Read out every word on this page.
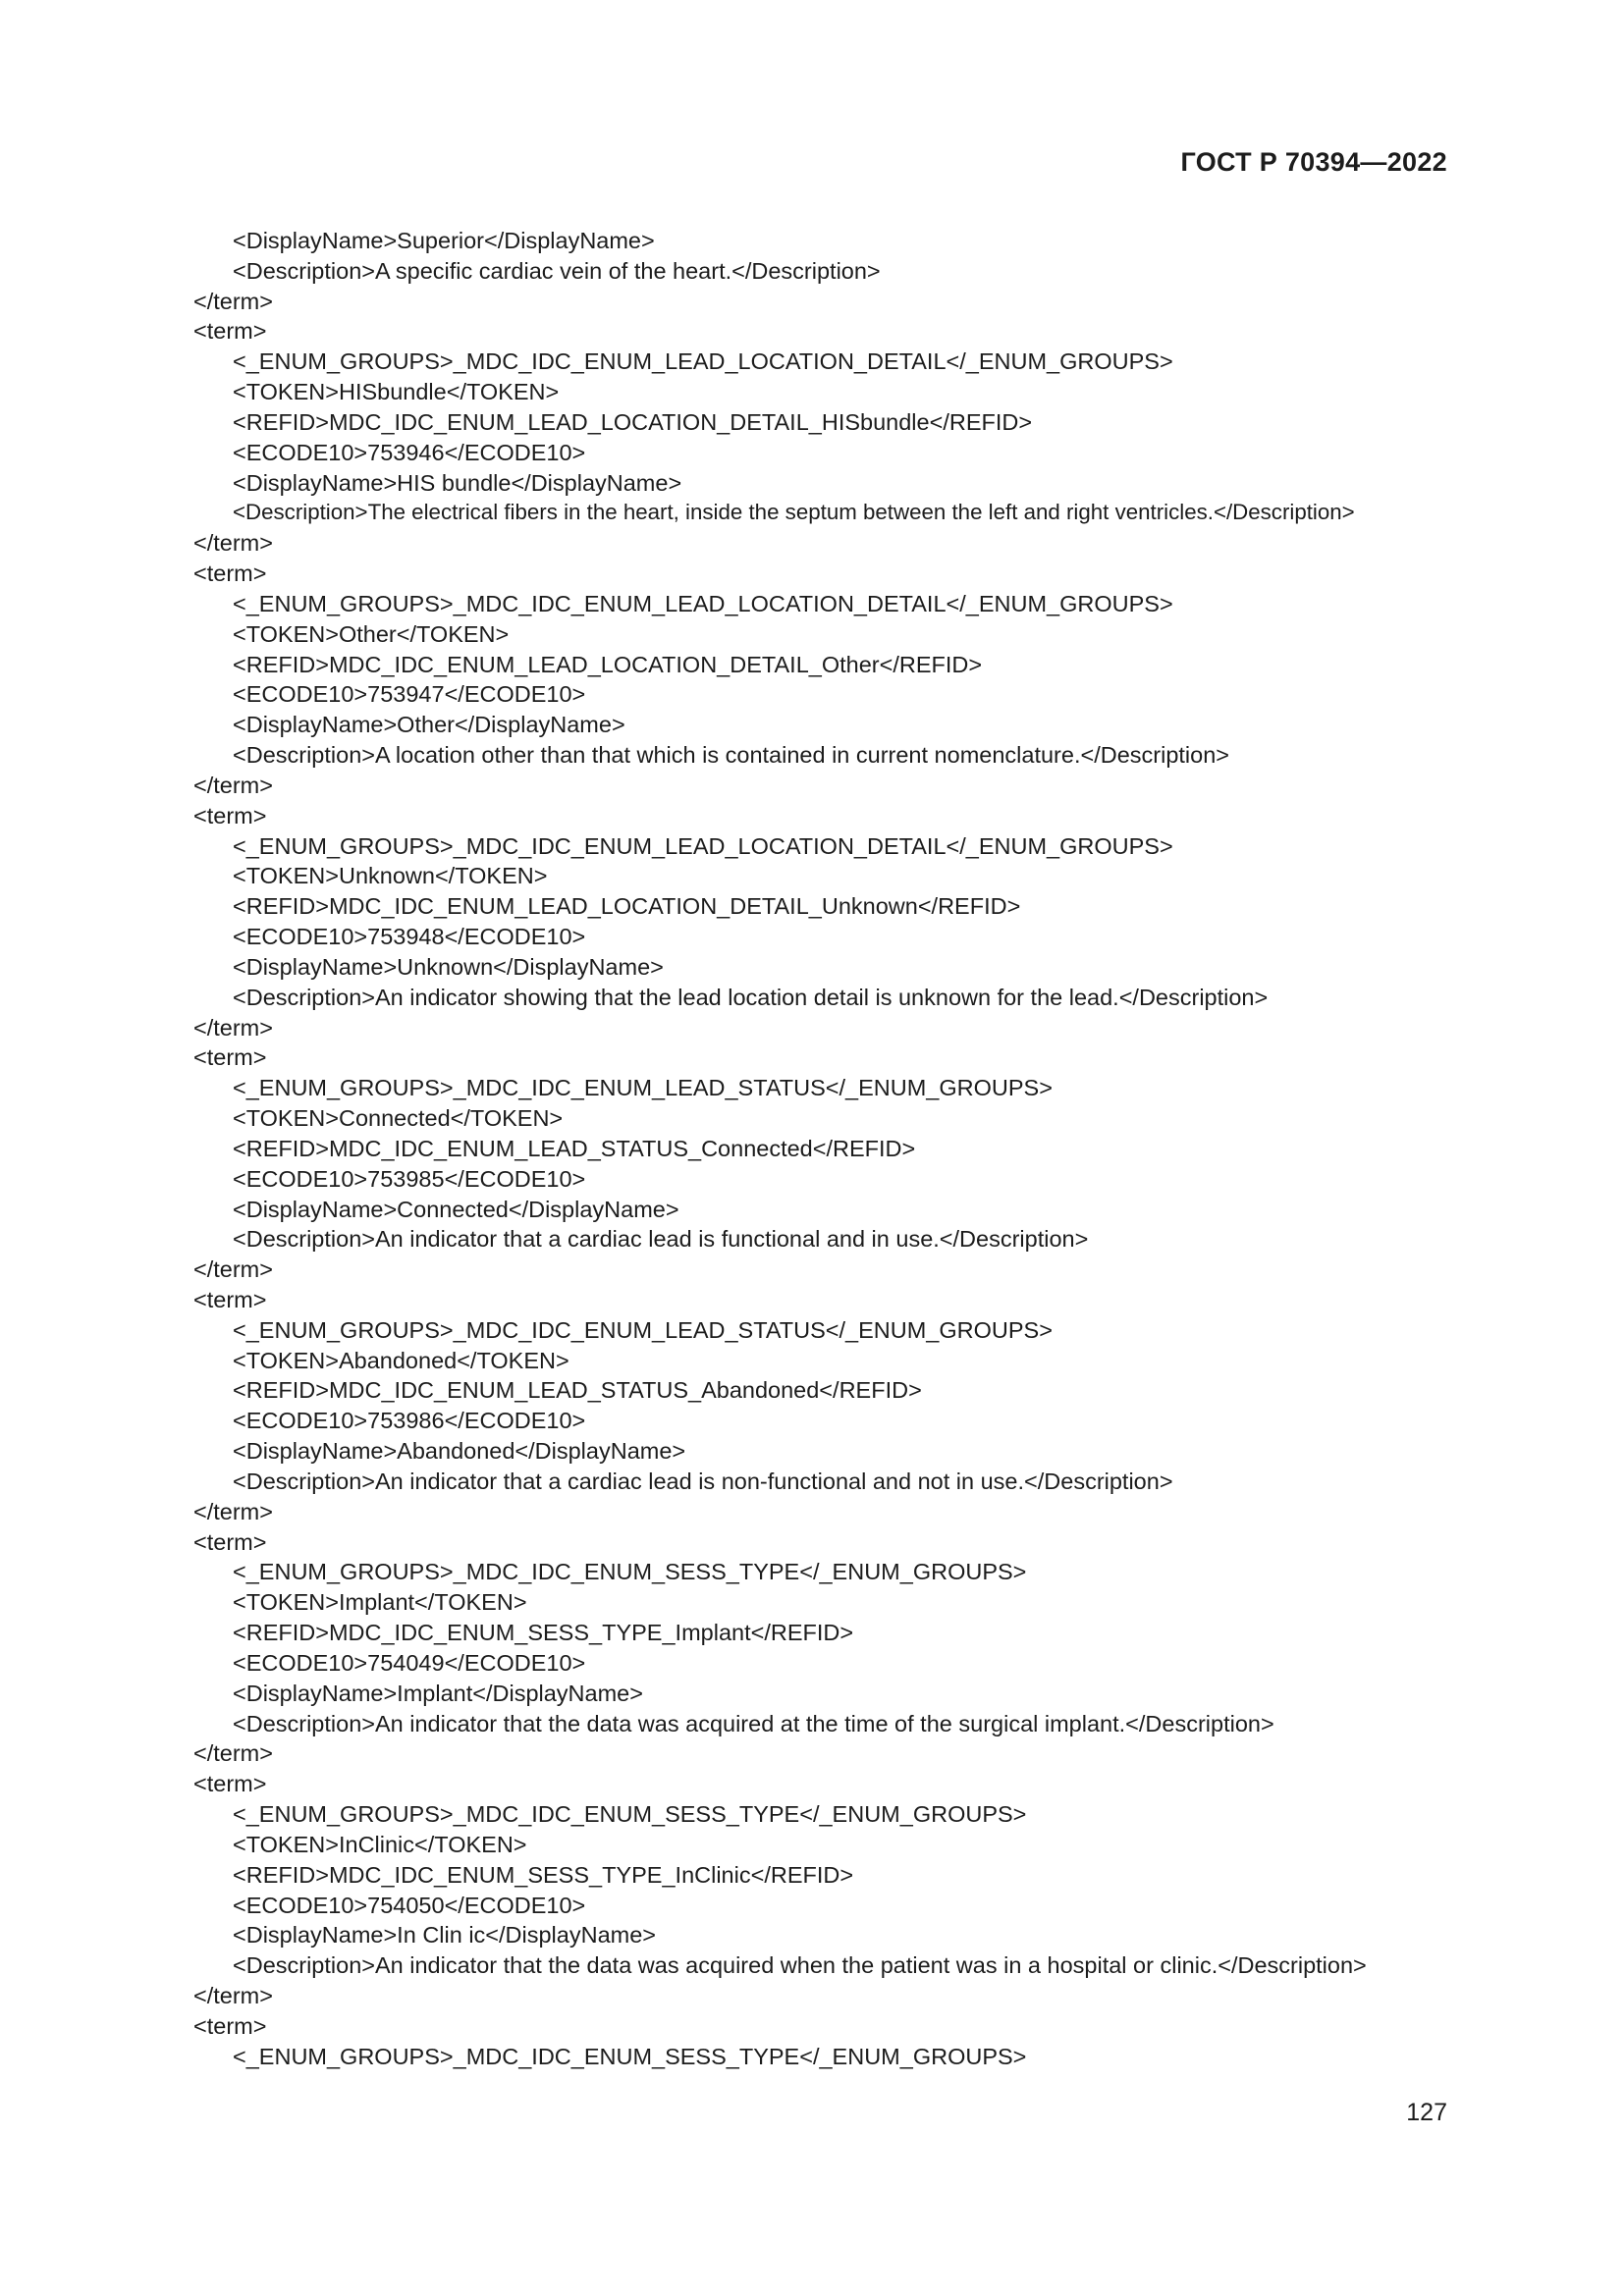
ГОСТ Р 70394—2022
<DisplayName>Superior</DisplayName>
<Description>A specific cardiac vein of the heart.</Description>
</term>
<term>
<_ENUM_GROUPS>_MDC_IDC_ENUM_LEAD_LOCATION_DETAIL</_ENUM_GROUPS>
<TOKEN>HISbundle</TOKEN>
<REFID>MDC_IDC_ENUM_LEAD_LOCATION_DETAIL_HISbundle</REFID>
<ECODE10>753946</ECODE10>
<DisplayName>HIS bundle</DisplayName>
<Description>The electrical fibers in the heart, inside the septum between the left and right ventricles.</Description>
</term>
<term>
<_ENUM_GROUPS>_MDC_IDC_ENUM_LEAD_LOCATION_DETAIL</_ENUM_GROUPS>
<TOKEN>Other</TOKEN>
<REFID>MDC_IDC_ENUM_LEAD_LOCATION_DETAIL_Other</REFID>
<ECODE10>753947</ECODE10>
<DisplayName>Other</DisplayName>
<Description>A location other than that which is contained in current nomenclature.</Description>
</term>
<term>
<_ENUM_GROUPS>_MDC_IDC_ENUM_LEAD_LOCATION_DETAIL</_ENUM_GROUPS>
<TOKEN>Unknown</TOKEN>
<REFID>MDC_IDC_ENUM_LEAD_LOCATION_DETAIL_Unknown</REFID>
<ECODE10>753948</ECODE10>
<DisplayName>Unknown</DisplayName>
<Description>An indicator showing that the lead location detail is unknown for the lead.</Description>
</term>
<term>
<_ENUM_GROUPS>_MDC_IDC_ENUM_LEAD_STATUS</_ENUM_GROUPS>
<TOKEN>Connected</TOKEN>
<REFID>MDC_IDC_ENUM_LEAD_STATUS_Connected</REFID>
<ECODE10>753985</ECODE10>
<DisplayName>Connected</DisplayName>
<Description>An indicator that a cardiac lead is functional and in use.</Description>
</term>
<term>
<_ENUM_GROUPS>_MDC_IDC_ENUM_LEAD_STATUS</_ENUM_GROUPS>
<TOKEN>Abandoned</TOKEN>
<REFID>MDC_IDC_ENUM_LEAD_STATUS_Abandoned</REFID>
<ECODE10>753986</ECODE10>
<DisplayName>Abandoned</DisplayName>
<Description>An indicator that a cardiac lead is non-functional and not in use.</Description>
</term>
<term>
<_ENUM_GROUPS>_MDC_IDC_ENUM_SESS_TYPE</_ENUM_GROUPS>
<TOKEN>Implant</TOKEN>
<REFID>MDC_IDC_ENUM_SESS_TYPE_Implant</REFID>
<ECODE10>754049</ECODE10>
<DisplayName>Implant</DisplayName>
<Description>An indicator that the data was acquired at the time of the surgical implant.</Description>
</term>
<term>
<_ENUM_GROUPS>_MDC_IDC_ENUM_SESS_TYPE</_ENUM_GROUPS>
<TOKEN>InClinic</TOKEN>
<REFID>MDC_IDC_ENUM_SESS_TYPE_InClinic</REFID>
<ECODE10>754050</ECODE10>
<DisplayName>In Clin ic</DisplayName>
<Description>An indicator that the data was acquired when the patient was in a hospital or clinic.</Description>
</term>
<term>
<_ENUM_GROUPS>_MDC_IDC_ENUM_SESS_TYPE</_ENUM_GROUPS>
127
